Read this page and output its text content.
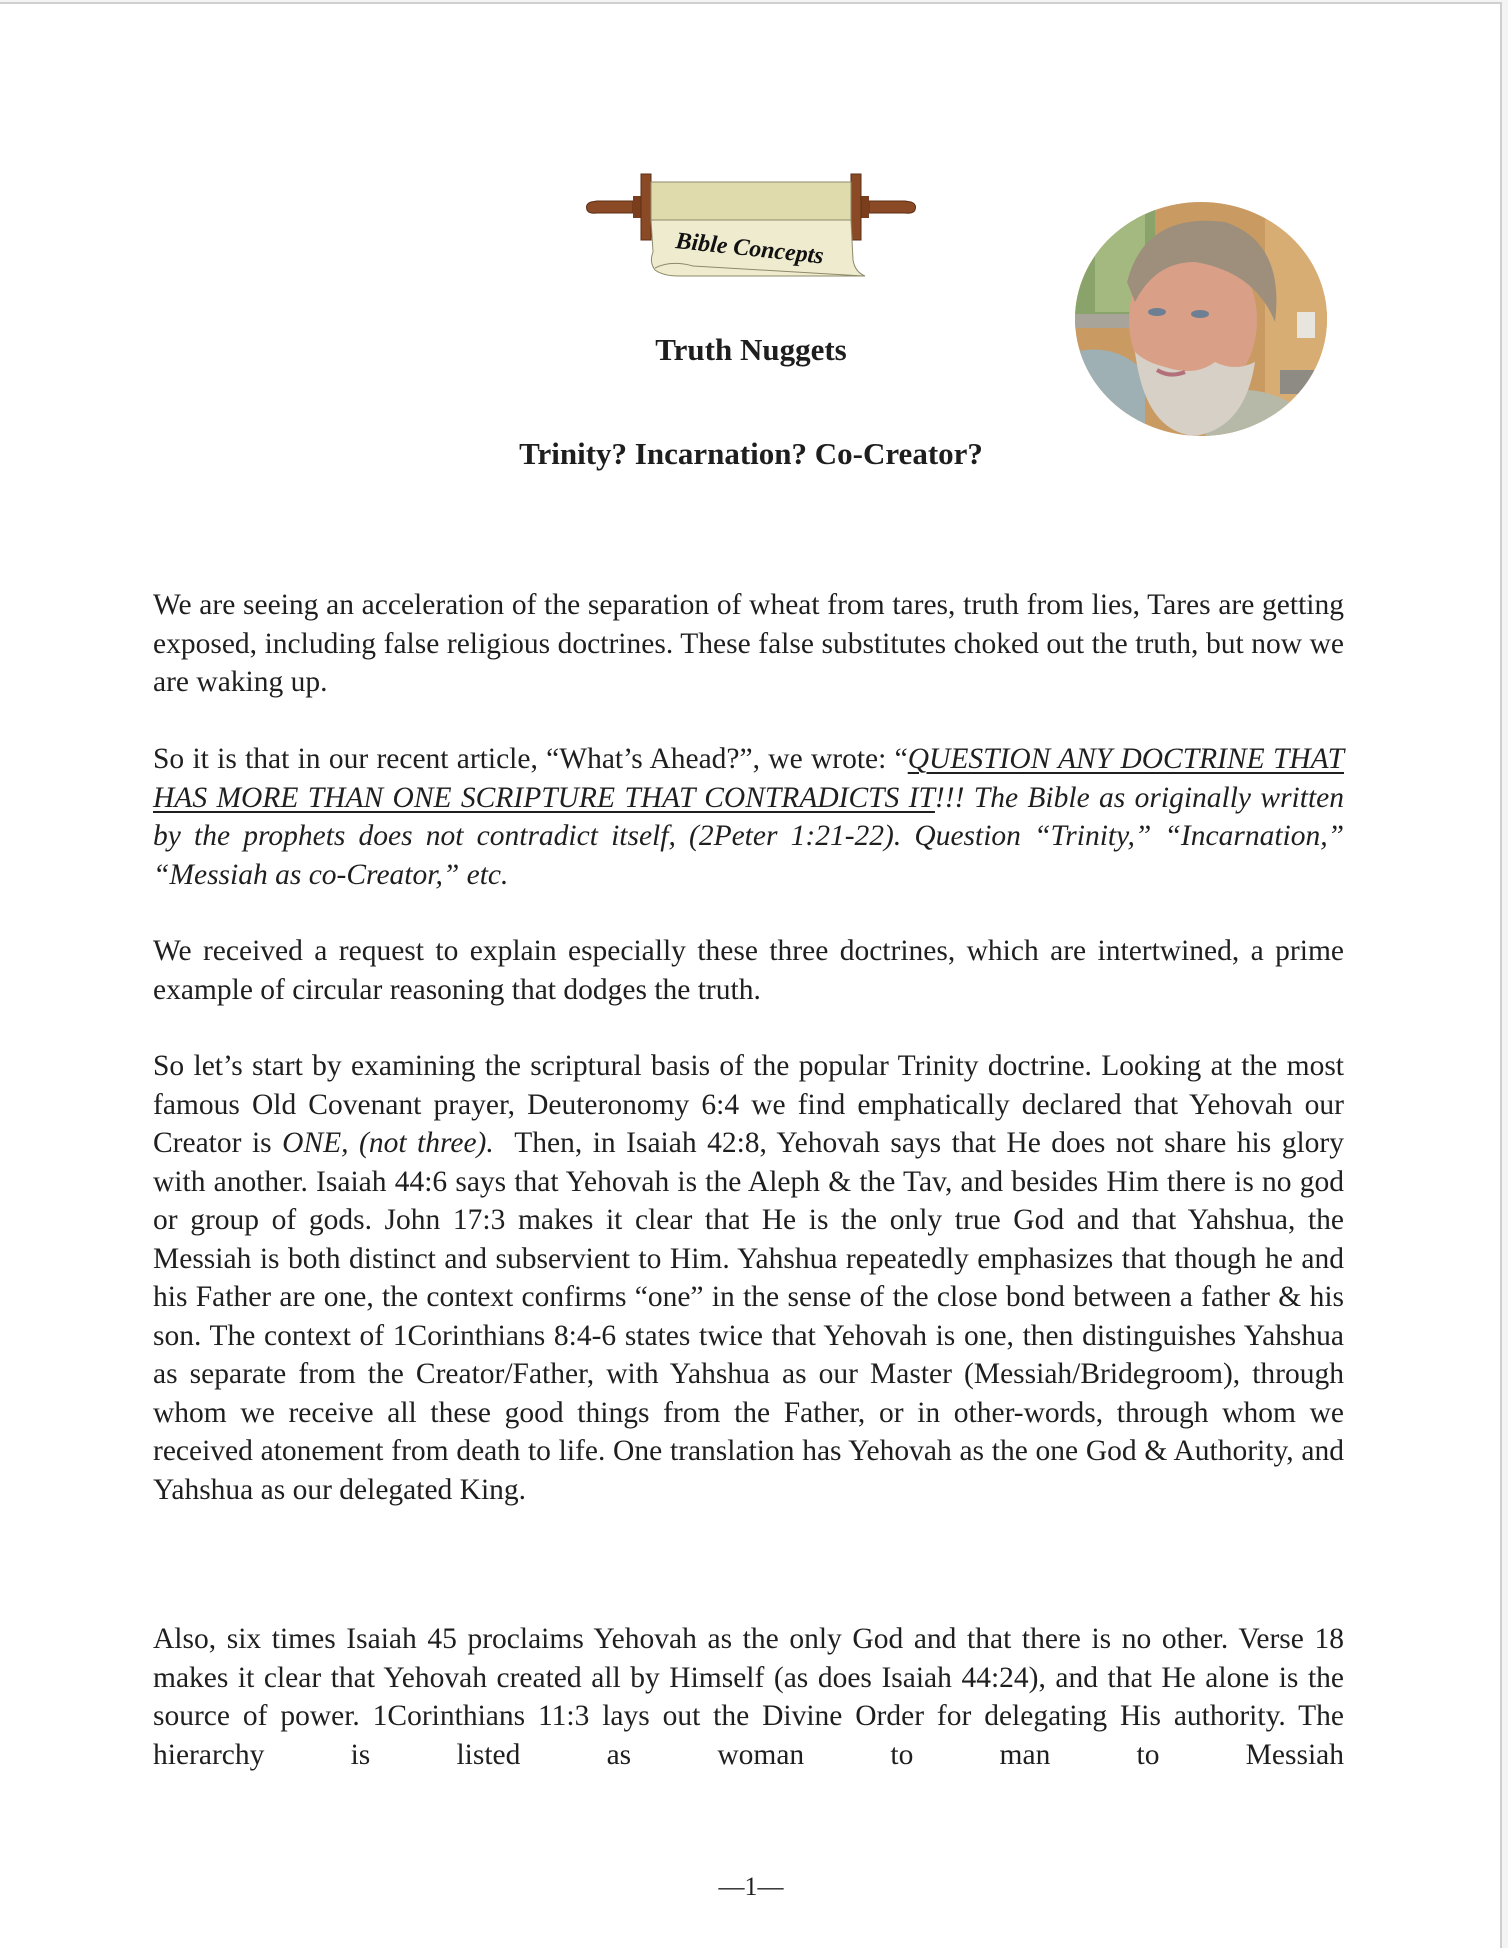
Bible Concepts
Truth Nuggets
Trinity? Incarnation? Co-Creator?

We are seeing an acceleration of the separation of wheat from tares, truth from lies, Tares are getting exposed, including false religious doctrines. These false substitutes choked out the truth, but now we are waking up.

So it is that in our recent article, “What’s Ahead?”, we wrote: “QUESTION ANY DOCTRINE THAT HAS MORE THAN ONE SCRIPTURE THAT CONTRADICTS IT!!! The Bible as originally written by the prophets does not contradict itself, (2Peter 1:21-22). Question “Trinity,” “Incarnation,” “Messiah as co-Creator,” etc.

We received a request to explain especially these three doctrines, which are intertwined, a prime example of circular reasoning that dodges the truth.

So let’s start by examining the scriptural basis of the popular Trinity doctrine. Looking at the most famous Old Covenant prayer, Deuteronomy 6:4 we find emphatically declared that Yehovah our Creator is ONE, (not three).  Then, in Isaiah 42:8, Yehovah says that He does not share his glory with another. Isaiah 44:6 says that Yehovah is the Aleph & the Tav, and besides Him there is no god or group of gods. John 17:3 makes it clear that He is the only true God and that Yahshua, the Messiah is both distinct and subservient to Him. Yahshua repeatedly emphasizes that though he and his Father are one, the context confirms “one” in the sense of the close bond between a father & his son. The context of 1Corinthians 8:4-6 states twice that Yehovah is one, then distinguishes Yahshua as separate from the Creator/Father, with Yahshua as our Master (Messiah/Bridegroom), through whom we receive all these good things from the Father, or in other-words, through whom we received atonement from death to life. One translation has Yehovah as the one God & Authority, and Yahshua as our delegated King.

Also, six times Isaiah 45 proclaims Yehovah as the only God and that there is no other. Verse 18 makes it clear that Yehovah created all by Himself (as does Isaiah 44:24), and that He alone is the source of power. 1Corinthians 11:3 lays out the Divine Order for delegating His authority. The hierarchy is listed as woman to man to Messiah

—1—
